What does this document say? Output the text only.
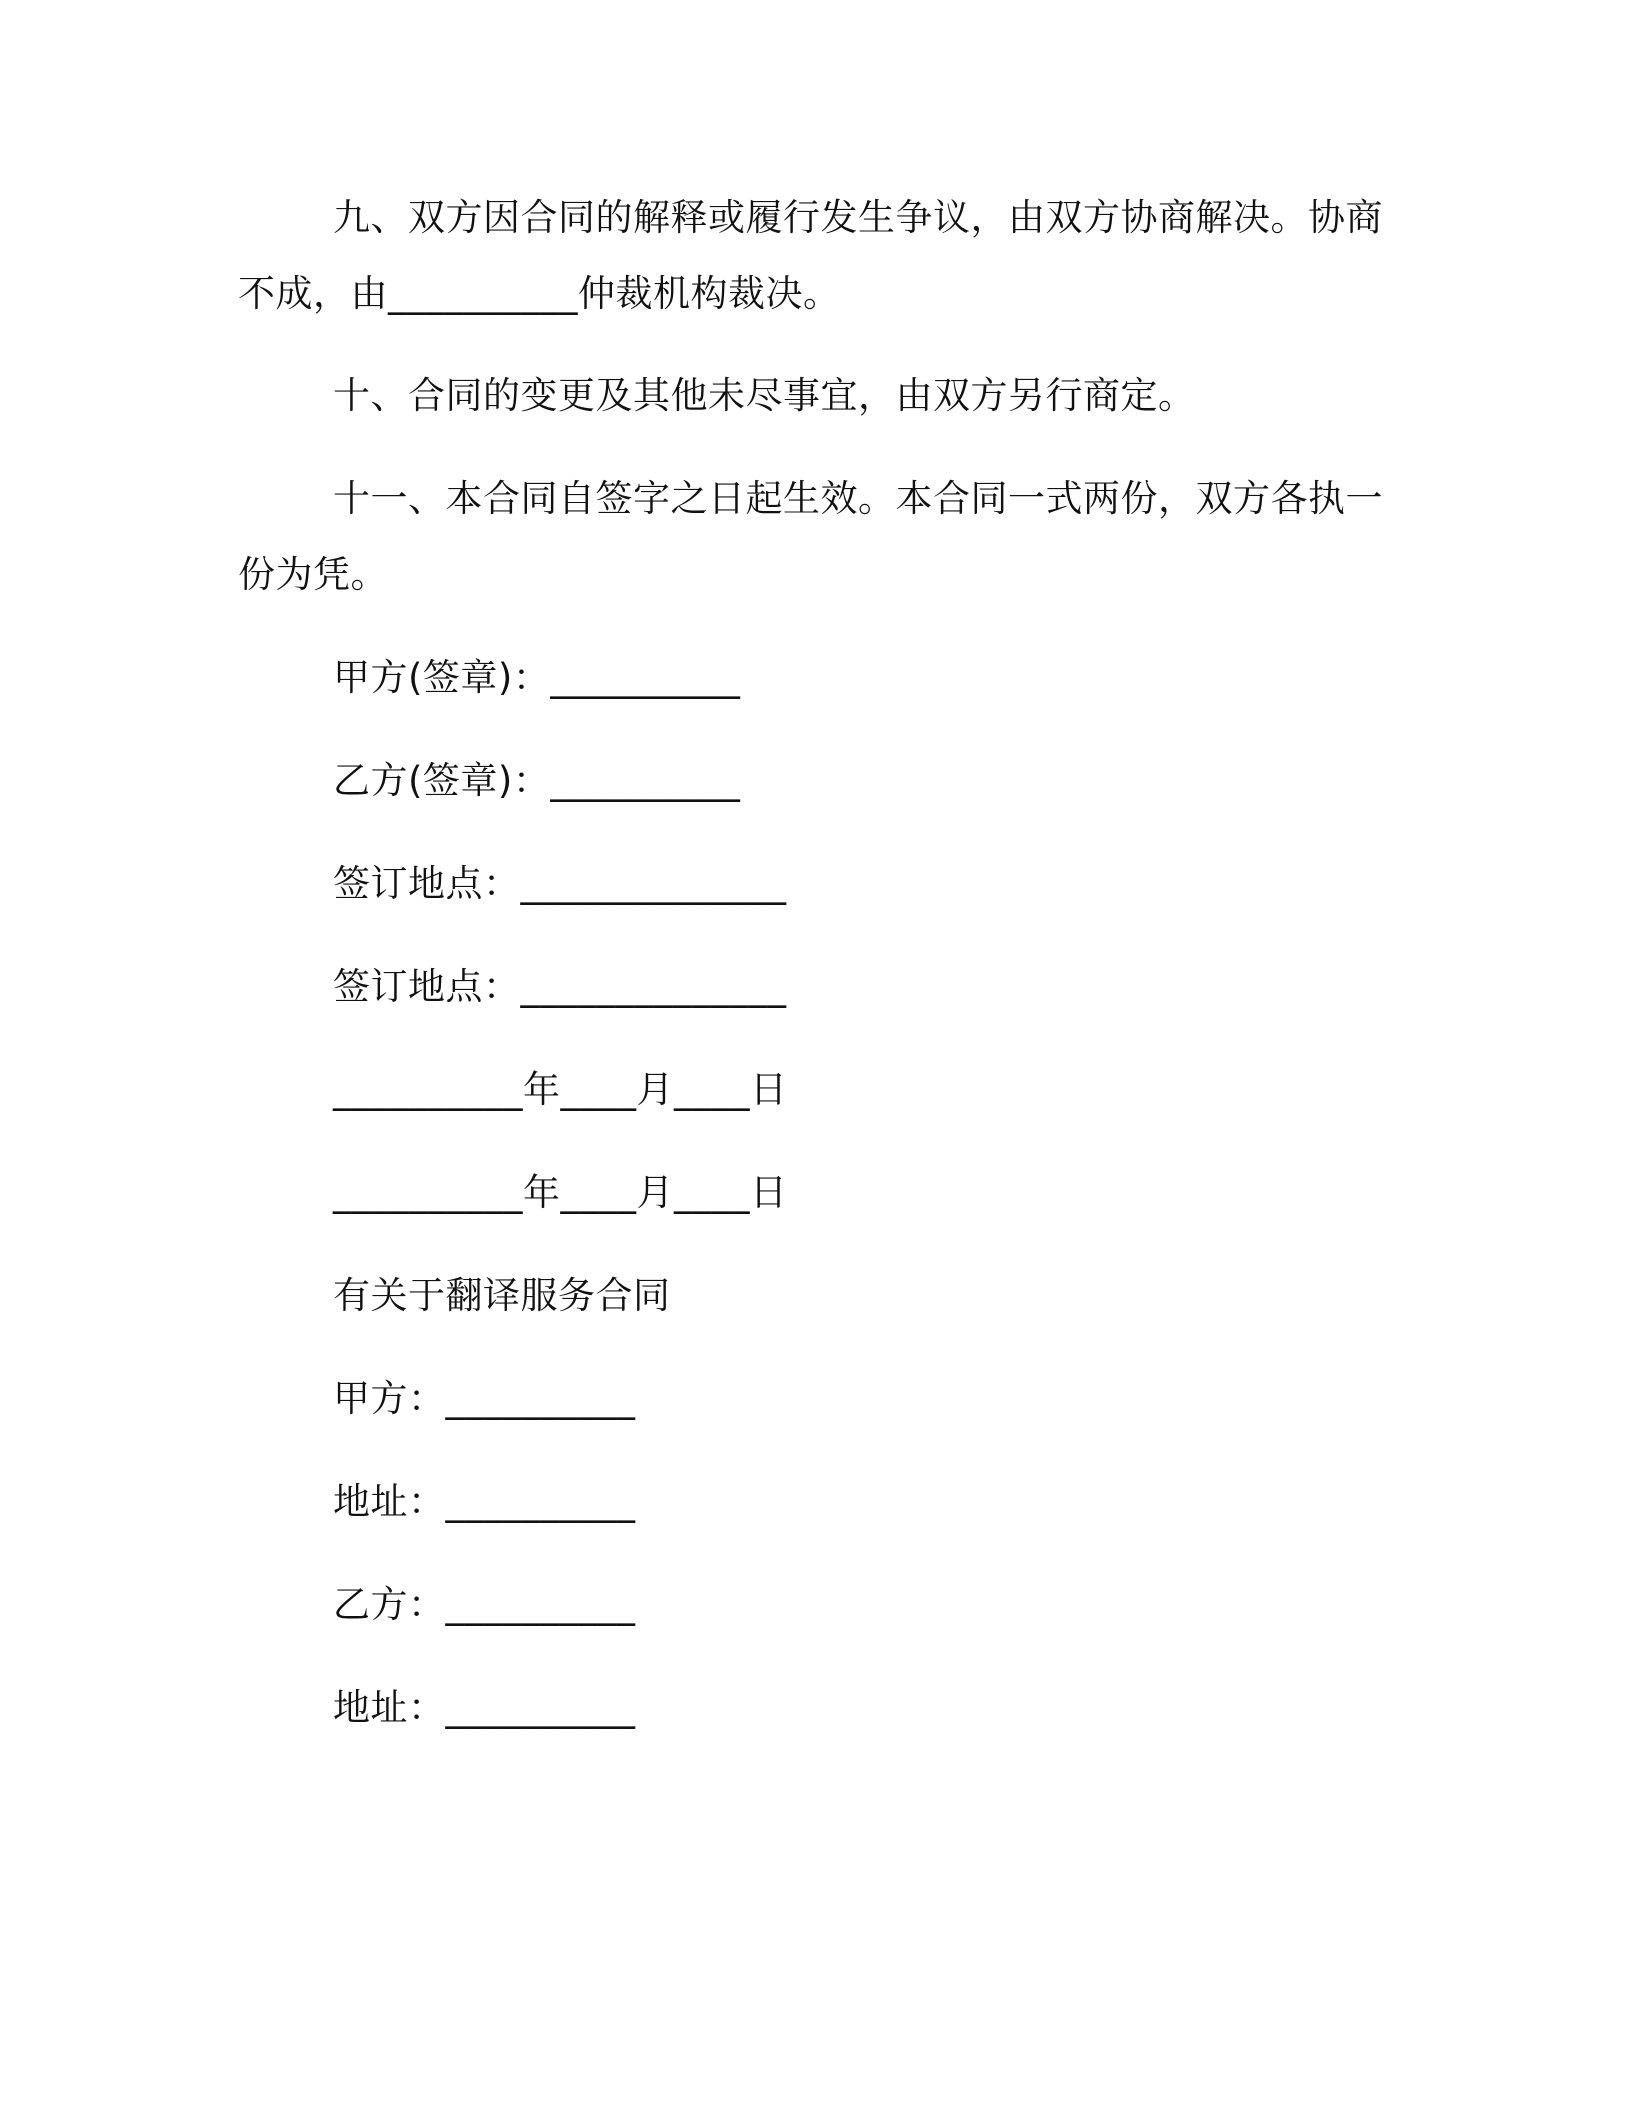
九、双方因合同的解释或履行发生争议，由双方协商解决。协商
不成，由__________仲裁机构裁决。
十、合同的变更及其他未尽事宜，由双方另行商定。
十一、本合同自签字之日起生效。本合同一式两份，双方各执一
份为凭。
甲方(签章)：__________
乙方(签章)：__________
签订地点：______________
签订地点：______________
__________年____月____日
__________年____月____日
有关于翻译服务合同
甲方：__________
地址：__________
乙方：__________
地址：__________
